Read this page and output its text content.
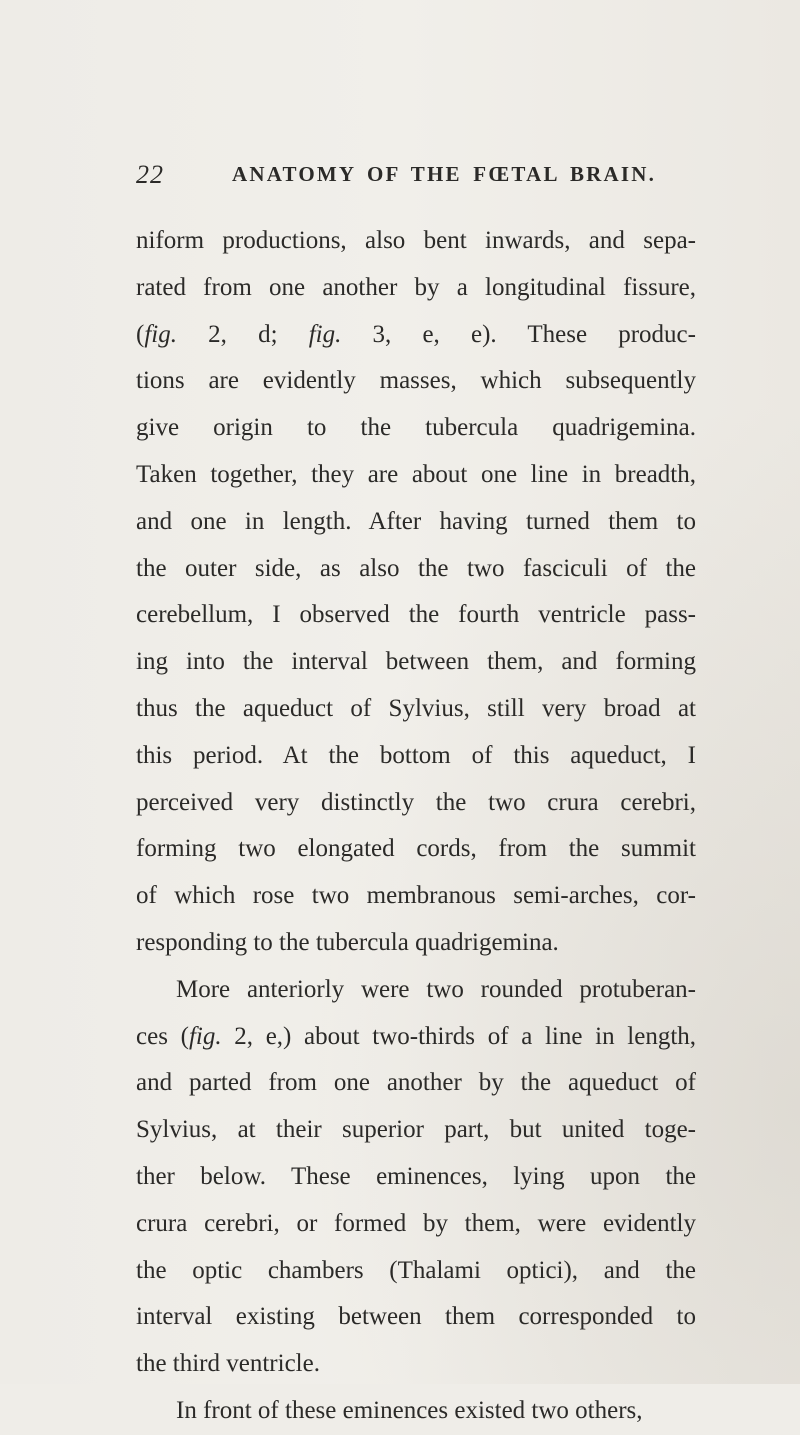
22	ANATOMY OF THE FŒTAL BRAIN.
niform productions, also bent inwards, and sepa-
rated from one another by a longitudinal fissure,
(fig. 2, d; fig. 3, e, e). These produc-
tions are evidently masses, which subsequently
give origin to the tubercula quadrigemina.
Taken together, they are about one line in breadth,
and one in length. After having turned them to
the outer side, as also the two fasciculi of the
cerebellum, I observed the fourth ventricle pass-
ing into the interval between them, and forming
thus the aqueduct of Sylvius, still very broad at
this period. At the bottom of this aqueduct, I
perceived very distinctly the two crura cerebri,
forming two elongated cords, from the summit
of which rose two membranous semi-arches, cor-
responding to the tubercula quadrigemina.
More anteriorly were two rounded protuberan-
ces (fig. 2, e,) about two-thirds of a line in length,
and parted from one another by the aqueduct of
Sylvius, at their superior part, but united toge-
ther below. These eminences, lying upon the
crura cerebri, or formed by them, were evidently
the optic chambers (Thalami optici), and the
interval existing between them corresponded to
the third ventricle.
In front of these eminences existed two others,
